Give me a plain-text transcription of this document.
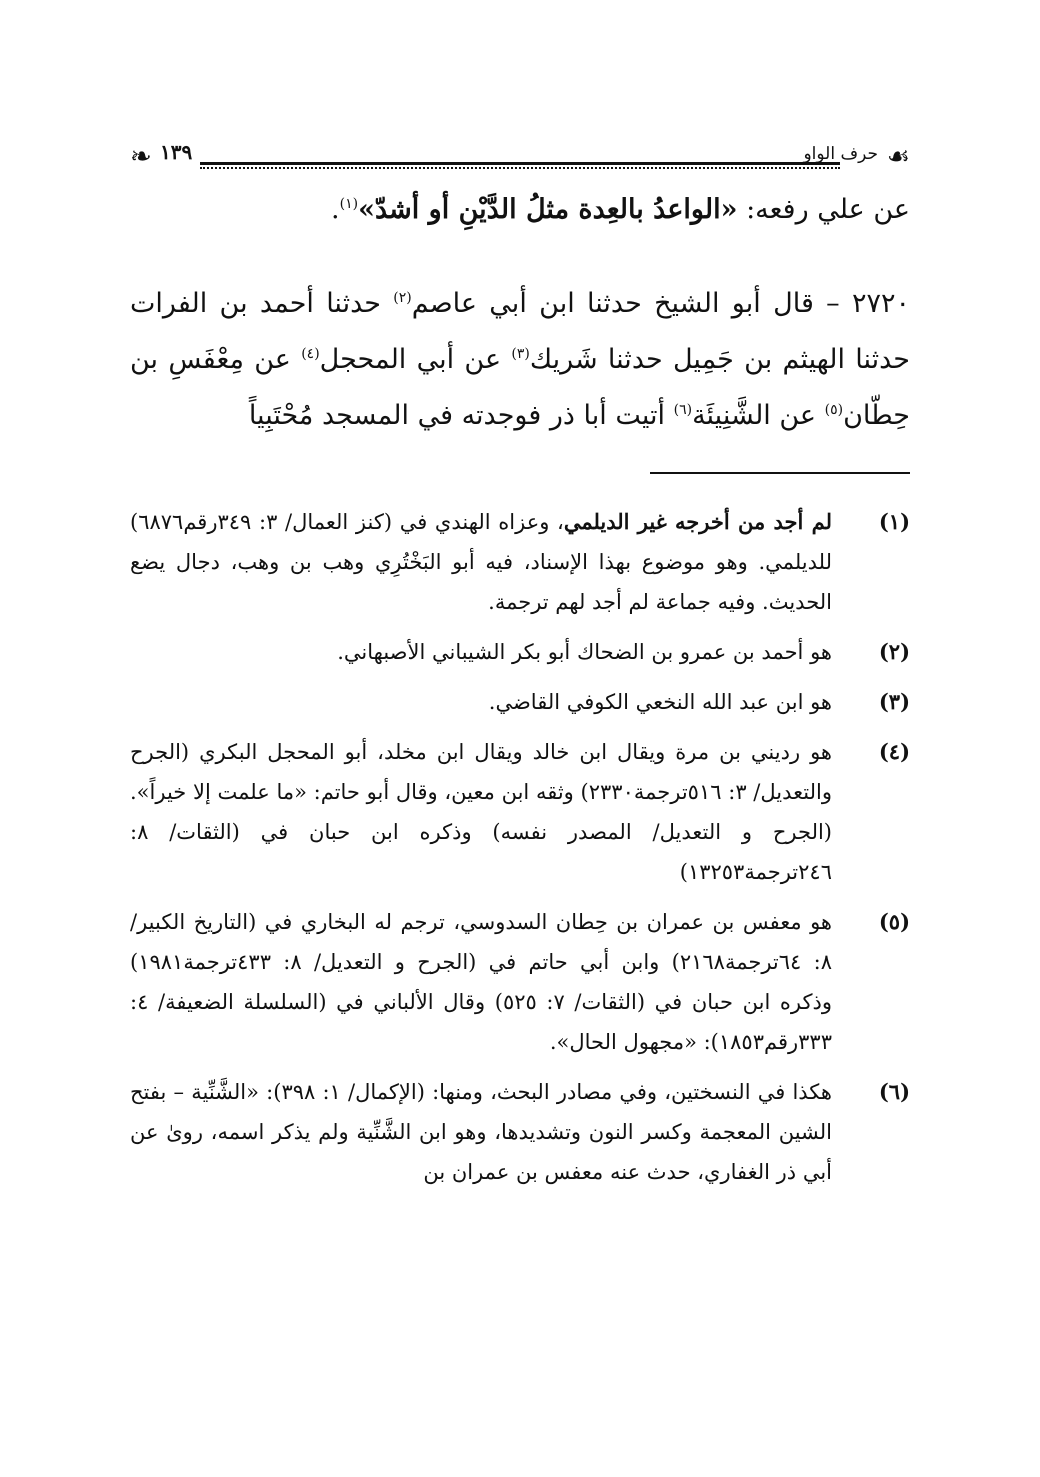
❧ ١٣٩	حرف الواو ☙

عن علي رفعه: «الواعدُ بالعِدة مثلُ الدَّيْنِ أو أشدّ»$^{(١)}$.

٢٧٢٠ – قال أبو الشيخ حدثنا ابن أبي عاصم$^{(٢)}$ حدثنا أحمد بن الفرات حدثنا الهيثم بن جَمِيل حدثنا شَريك$^{(٣)}$ عن أبي المحجل$^{(٤)}$ عن مِعْفَسِ بن حِطّان$^{(٥)}$ عن الشَّنِيئَة$^{(٦)}$ أتيت أبا ذر فوجدته في المسجد مُحْتَبِياً

(١)
لم أجد من أخرجه غير الديلمي، وعزاه الهندي في (كنز العمال/ ٣: ٣٤٩رقم٦٨٧٦) للديلمي. وهو موضوع بهذا الإسناد، فيه أبو البَخْتُرِي وهب بن وهب، دجال يضع الحديث. وفيه جماعة لم أجد لهم ترجمة.
(٢)
هو أحمد بن عمرو بن الضحاك أبو بكر الشيباني الأصبهاني.
(٣)
هو ابن عبد الله النخعي الكوفي القاضي.
(٤)
هو رديني بن مرة ويقال ابن خالد ويقال ابن مخلد، أبو المحجل البكري (الجرح والتعديل/ ٣: ٥١٦ترجمة٢٣٣٠) وثقه ابن معين، وقال أبو حاتم: «ما علمت إلا خيراً». (الجرح و التعديل/ المصدر نفسه) وذكره ابن حبان في (الثقات/ ٨: ٢٤٦ترجمة١٣٢٥٣)
(٥)
هو معفس بن عمران بن حِطان السدوسي، ترجم له البخاري في (التاريخ الكبير/ ٨: ٦٤ترجمة٢١٦٨) وابن أبي حاتم في (الجرح و التعديل/ ٨: ٤٣٣ترجمة١٩٨١) وذكره ابن حبان في (الثقات/ ٧: ٥٢٥) وقال الألباني في (السلسلة الضعيفة/ ٤: ٣٣٣رقم١٨٥٣): «مجهول الحال».
(٦)
هكذا في النسختين، وفي مصادر البحث، ومنها: (الإكمال/ ١: ٣٩٨): «الشَّنِّية – بفتح الشين المعجمة وكسر النون وتشديدها، وهو ابن الشَّنِّية ولم يذكر اسمه، روىٰ عن أبي ذر الغفاري، حدث عنه معفس بن عمران بن
